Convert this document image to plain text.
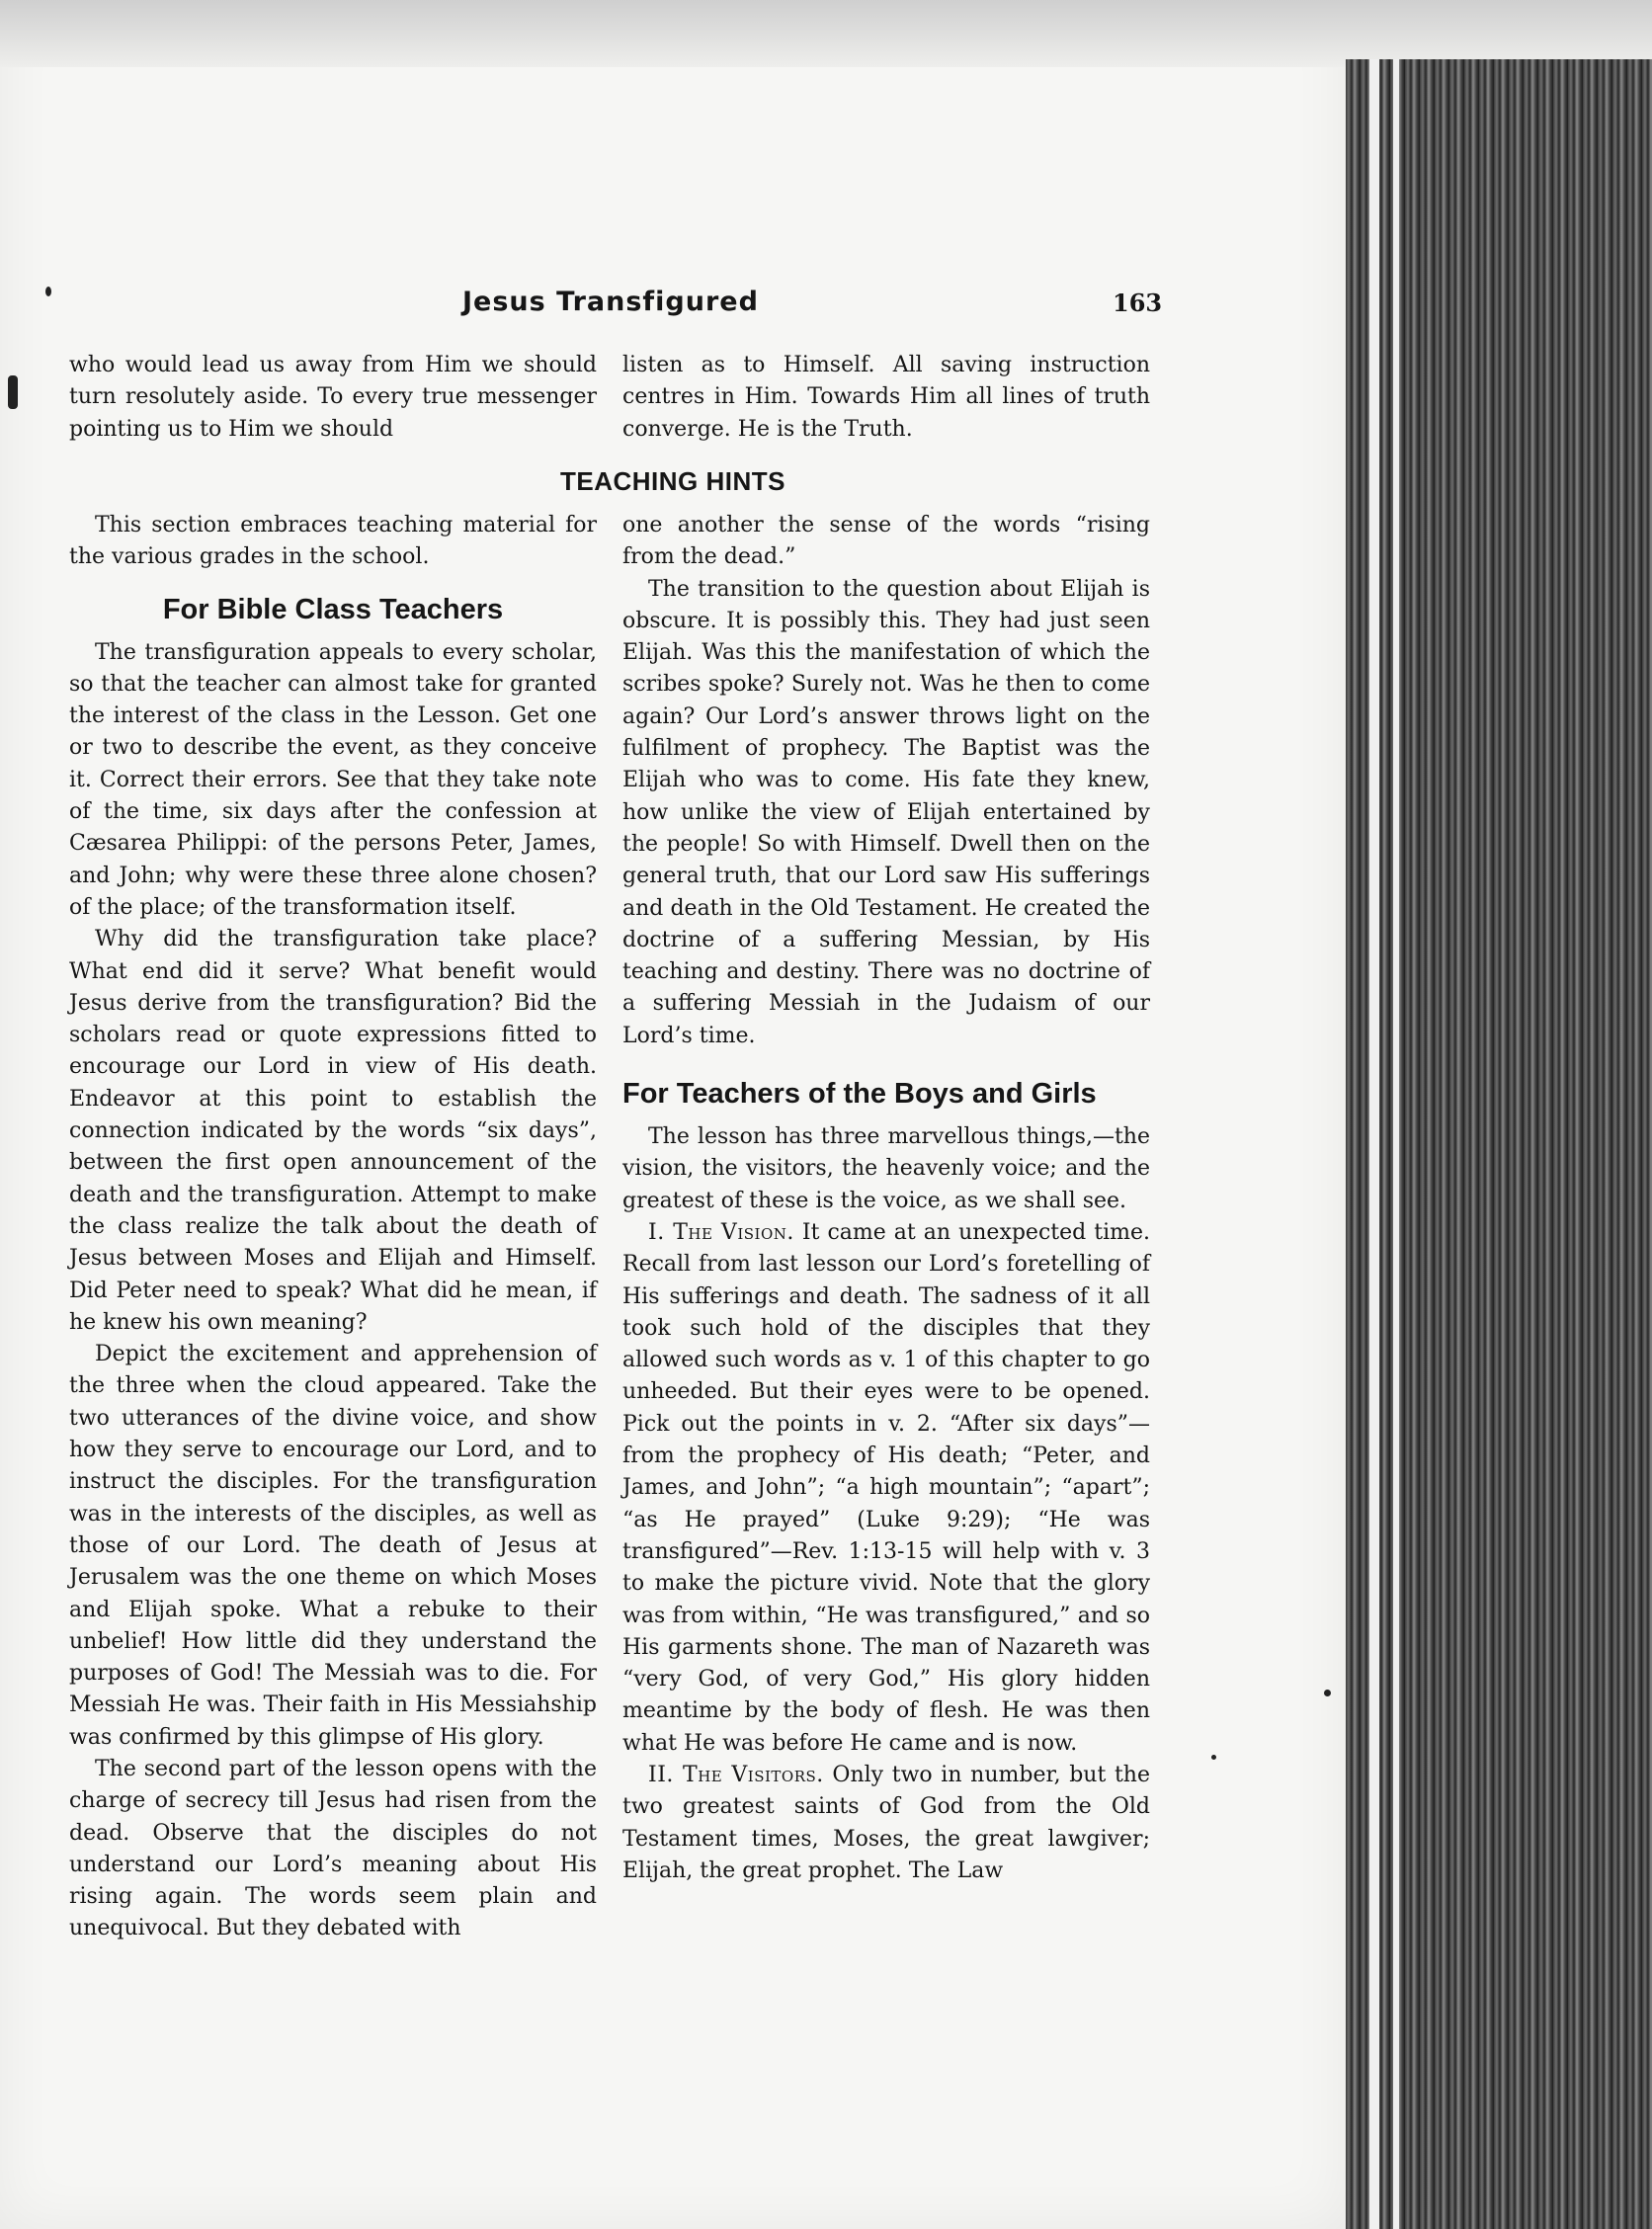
Jesus Transfigured	163

who would lead us away from Him we should turn resolutely aside. To every true messenger pointing us to Him we should

listen as to Himself. All saving instruction centres in Him. Towards Him all lines of truth converge. He is the Truth.

TEACHING HINTS

This section embraces teaching material for the various grades in the school.

For Bible Class Teachers

The transfiguration appeals to every scholar, so that the teacher can almost take for granted the interest of the class in the Lesson. Get one or two to describe the event, as they conceive it. Correct their errors. See that they take note of the time, six days after the confession at Cæsarea Philippi: of the persons Peter, James, and John; why were these three alone chosen? of the place; of the transformation itself.

Why did the transfiguration take place? What end did it serve? What benefit would Jesus derive from the transfiguration? Bid the scholars read or quote expressions fitted to encourage our Lord in view of His death. Endeavor at this point to establish the connection indicated by the words “six days”, between the first open announcement of the death and the transfiguration. Attempt to make the class realize the talk about the death of Jesus between Moses and Elijah and Himself. Did Peter need to speak? What did he mean, if he knew his own meaning?

Depict the excitement and apprehension of the three when the cloud appeared. Take the two utterances of the divine voice, and show how they serve to encourage our Lord, and to instruct the disciples. For the transfiguration was in the interests of the disciples, as well as those of our Lord. The death of Jesus at Jerusalem was the one theme on which Moses and Elijah spoke. What a rebuke to their unbelief! How little did they understand the purposes of God! The Messiah was to die. For Messiah He was. Their faith in His Messiahship was confirmed by this glimpse of His glory.

The second part of the lesson opens with the charge of secrecy till Jesus had risen from the dead. Observe that the disciples do not understand our Lord’s meaning about His rising again. The words seem plain and unequivocal. But they debated with

one another the sense of the words “rising from the dead.”

The transition to the question about Elijah is obscure. It is possibly this. They had just seen Elijah. Was this the manifestation of which the scribes spoke? Surely not. Was he then to come again? Our Lord’s answer throws light on the fulfilment of prophecy. The Baptist was the Elijah who was to come. His fate they knew, how unlike the view of Elijah entertained by the people! So with Himself. Dwell then on the general truth, that our Lord saw His sufferings and death in the Old Testament. He created the doctrine of a suffering Messian, by His teaching and destiny. There was no doctrine of a suffering Messiah in the Judaism of our Lord’s time.

For Teachers of the Boys and Girls

The lesson has three marvellous things,—the vision, the visitors, the heavenly voice; and the greatest of these is the voice, as we shall see.

I. The Vision. It came at an unexpected time. Recall from last lesson our Lord’s foretelling of His sufferings and death. The sadness of it all took such hold of the disciples that they allowed such words as v. 1 of this chapter to go unheeded. But their eyes were to be opened. Pick out the points in v. 2. “After six days”—from the prophecy of His death; “Peter, and James, and John”; “a high mountain”; “apart”; “as He prayed” (Luke 9:29); “He was transfigured”—Rev. 1:13-15 will help with v. 3 to make the picture vivid. Note that the glory was from within, “He was transfigured,” and so His garments shone. The man of Nazareth was “very God, of very God,” His glory hidden meantime by the body of flesh. He was then what He was before He came and is now.

II. The Visitors. Only two in number, but the two greatest saints of God from the Old Testament times, Moses, the great lawgiver; Elijah, the great prophet. The Law
